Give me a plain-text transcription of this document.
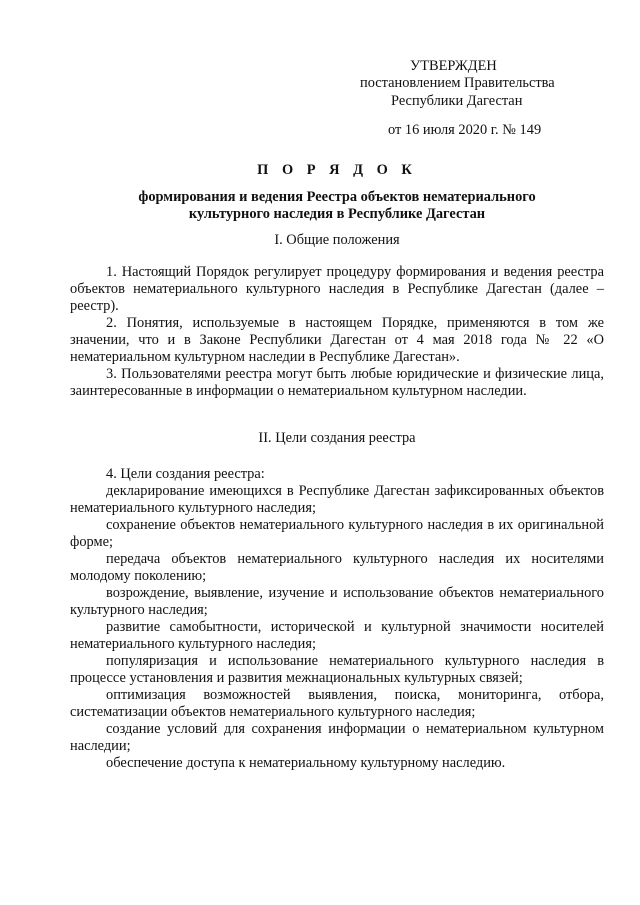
УТВЕРЖДЕН
постановлением Правительства
Республики Дагестан
от 16 июля 2020 г. № 149
П О Р Я Д О К
формирования и ведения Реестра объектов нематериального
культурного наследия в Республике Дагестан
I. Общие положения

1. Настоящий Порядок регулирует процедуру формирования и ведения реестра объектов нематериального культурного наследия в Республике Дагестан (далее – реестр).

2. Понятия, используемые в настоящем Порядке, применяются в том же значении, что и в Законе Республики Дагестан от 4 мая 2018 года № 22 «О нематериальном культурном наследии в Республике Дагестан».

3. Пользователями реестра могут быть любые юридические и физические лица, заинтересованные в информации о нематериальном культурном наследии.

II. Цели создания реестра

4. Цели создания реестра:

декларирование имеющихся в Республике Дагестан зафиксированных объектов нематериального культурного наследия;

сохранение объектов нематериального культурного наследия в их оригинальной форме;

передача объектов нематериального культурного наследия их носителями молодому поколению;

возрождение, выявление, изучение и использование объектов нематериального культурного наследия;

развитие самобытности, исторической и культурной значимости носителей нематериального культурного наследия;

популяризация и использование нематериального культурного наследия в процессе установления и развития межнациональных культурных связей;

оптимизация возможностей выявления, поиска, мониторинга, отбора, систематизации объектов нематериального культурного наследия;

создание условий для сохранения информации о нематериальном культурном наследии;

обеспечение доступа к нематериальному культурному наследию.
